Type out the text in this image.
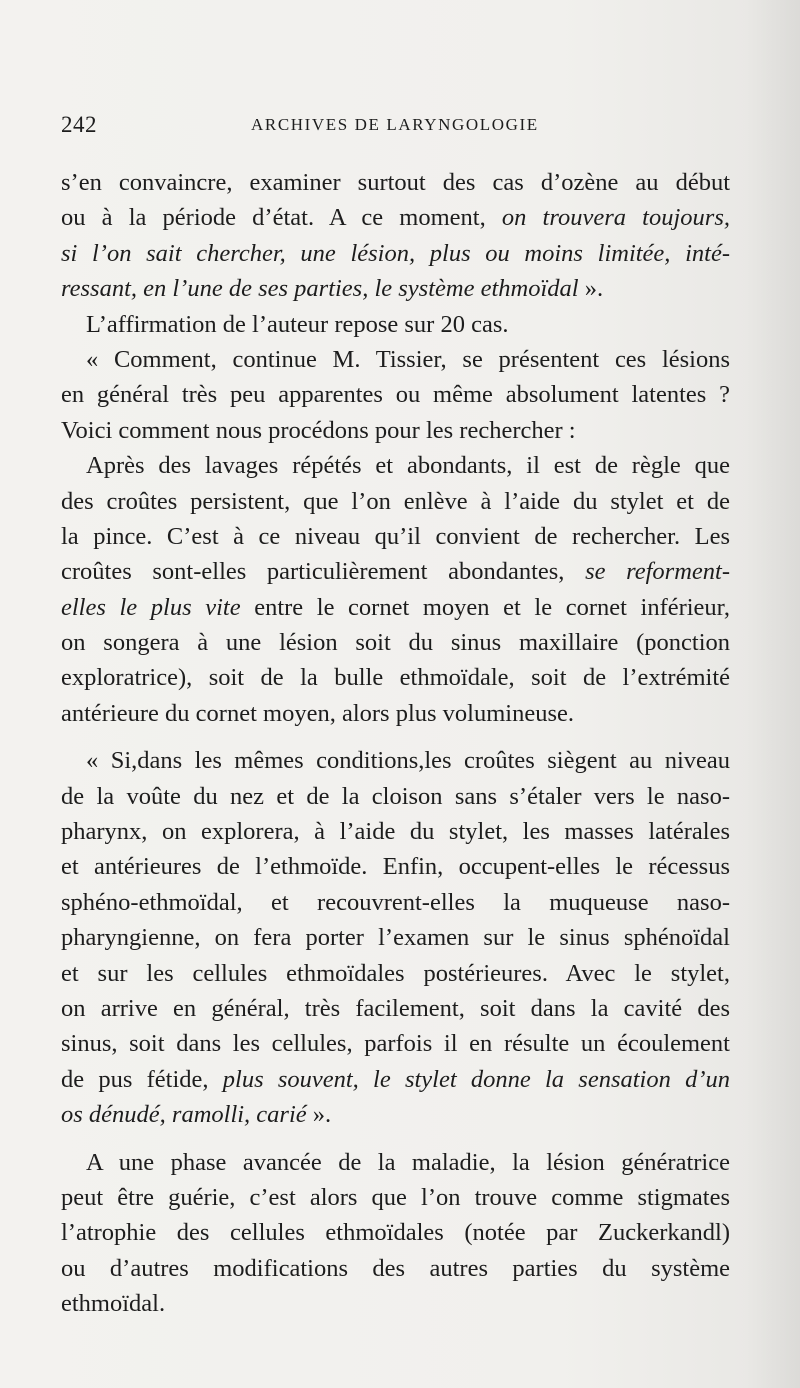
242	ARCHIVES DE LARYNGOLOGIE
s’en convaincre, examiner surtout des cas d’ozène au début
ou à la période d’état. A ce moment, on trouvera toujours,
si l’on sait chercher, une lésion, plus ou moins limitée, inté-
ressant, en l’une de ses parties, le système ethmoïdal ».
L’affirmation de l’auteur repose sur 20 cas.
« Comment, continue M. Tissier, se présentent ces lésions
en général très peu apparentes ou même absolument latentes ?
Voici comment nous procédons pour les rechercher :
Après des lavages répétés et abondants, il est de règle que
des croûtes persistent, que l’on enlève à l’aide du stylet et de
la pince. C’est à ce niveau qu’il convient de rechercher. Les
croûtes sont-elles particulièrement abondantes, se reforment-
elles le plus vite entre le cornet moyen et le cornet inférieur,
on songera à une lésion soit du sinus maxillaire (ponction
exploratrice), soit de la bulle ethmoïdale, soit de l’extrémité
antérieure du cornet moyen, alors plus volumineuse.
« Si,dans les mêmes conditions,les croûtes siègent au niveau
de la voûte du nez et de la cloison sans s’étaler vers le naso-
pharynx, on explorera, à l’aide du stylet, les masses latérales
et antérieures de l’ethmoïde. Enfin, occupent-elles le récessus
sphéno-ethmoïdal, et recouvrent-elles la muqueuse naso-
pharyngienne, on fera porter l’examen sur le sinus sphénoïdal
et sur les cellules ethmoïdales postérieures. Avec le stylet,
on arrive en général, très facilement, soit dans la cavité des
sinus, soit dans les cellules, parfois il en résulte un écoulement
de pus fétide, plus souvent, le stylet donne la sensation d’un
os dénudé, ramolli, carié ».
A une phase avancée de la maladie, la lésion génératrice
peut être guérie, c’est alors que l’on trouve comme stigmates
l’atrophie des cellules ethmoïdales (notée par Zuckerkandl)
ou d’autres modifications des autres parties du système
ethmoïdal.
